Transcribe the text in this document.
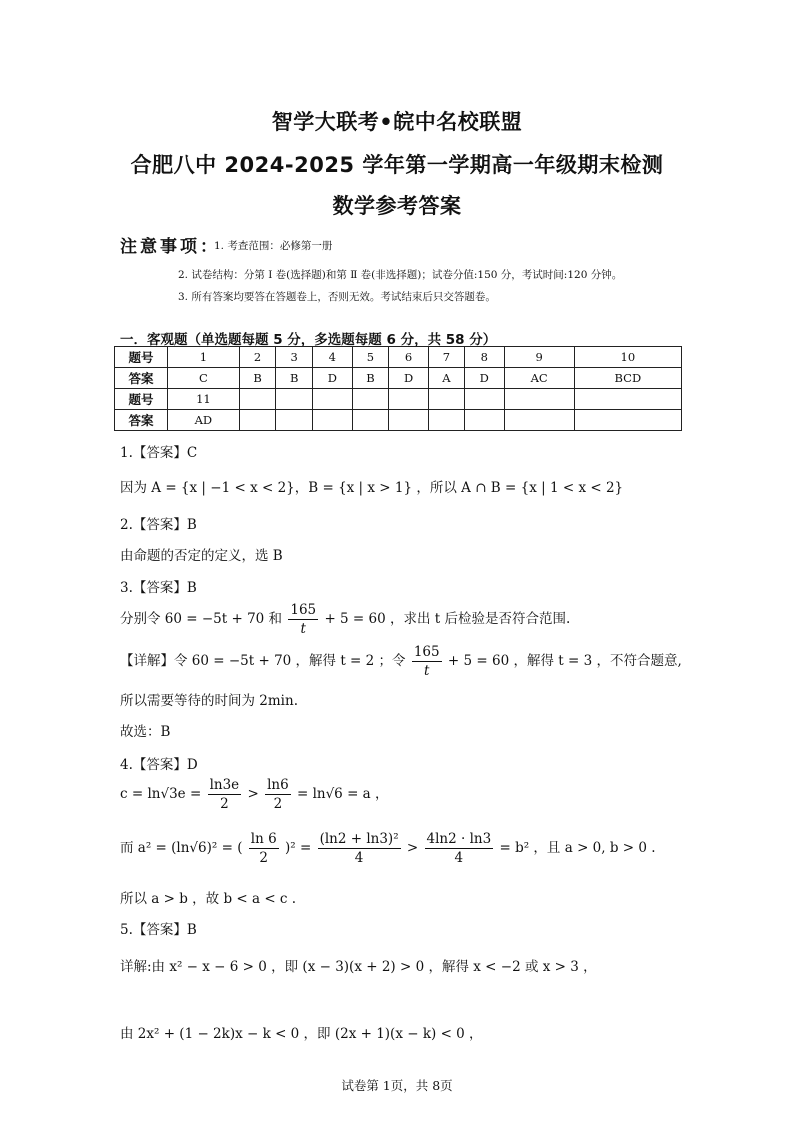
智学大联考•皖中名校联盟
合肥八中 2024-2025 学年第一学期高一年级期末检测
数学参考答案
注意事项：
1. 考查范围：必修第一册
2. 试卷结构：分第 Ⅰ 卷(选择题)和第 Ⅱ 卷(非选择题)；试卷分值:150 分，考试时间:120 分钟。
3. 所有答案均要答在答题卷上，否则无效。考试结束后只交答题卷。
一．客观题（单选题每题 5 分，多选题每题 6 分，共 58 分）
题号	1	2	3	4	5	6	7	8	9	10
答案	C	B	B	D	B	D	A	D	AC	BCD
题号	11									
答案	AD									
1.【答案】C
因为 A = {x | −1 < x < 2}，B = {x | x > 1} ，所以 A ∩ B = {x | 1 < x < 2}
2.【答案】B
由命题的否定的定义，选 B
3.【答案】B
分别令 60 = −5t + 70 和 $\frac{165}{t} + 5 = 60$ ，求出 t 后检验是否符合范围.
【详解】令 60 = −5t + 70 ，解得 t = 2 ；令 $\frac{165}{t} + 5 = 60$ ，解得 t = 3 ，不符合题意,
所以需要等待的时间为 2min.
故选：B
4.【答案】D
$c = \ln√3e = \frac{\ln 3e}{2} > \frac{\ln 6}{2} = \ln√6 = a$ ，
而 a² = (ln√6)² = ( $\frac{\ln 6}{2} )^2 = \frac{\text{(ln2 + ln3)²}}{4} > \frac{4\ln 2 \cdot \ln 3}{4} = b^2$ ，且 a > 0, b > 0 .
所以 a > b ，故 b < a < c .
5.【答案】B
详解:由 x² − x − 6 > 0 ，即 (x − 3)(x + 2) > 0 ，解得 x < −2 或 x > 3 ，
由 2x² + (1 − 2k)x − k < 0 ，即 (2x + 1)(x − k) < 0 ，
试卷第 1页，共 8页
